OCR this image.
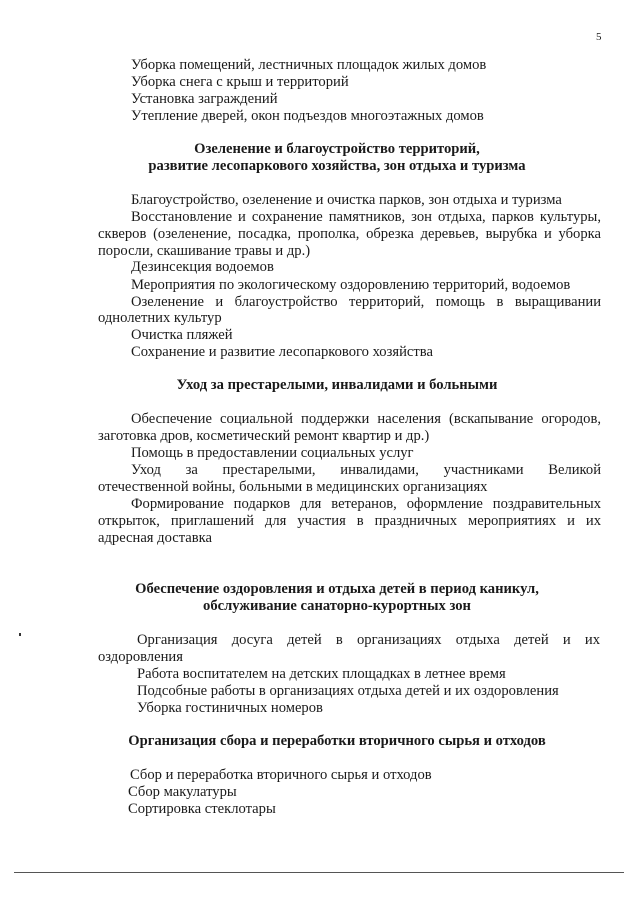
5
Уборка помещений, лестничных площадок жилых домов
Уборка снега с крыш и территорий
Установка заграждений
Утепление дверей, окон подъездов многоэтажных домов
Озеленение и благоустройство территорий,
развитие лесопаркового хозяйства, зон отдыха и туризма
Благоустройство, озеленение и очистка парков, зон отдыха и туризма
Восстановление и сохранение памятников, зон отдыха, парков культуры,
скверов (озеленение, посадка, прополка, обрезка деревьев, вырубка и уборка
поросли, скашивание травы и др.)
Дезинсекция водоемов
Мероприятия по экологическому оздоровлению территорий, водоемов
Озеленение и благоустройство территорий, помощь в выращивании
однолетних культур
Очистка пляжей
Сохранение и развитие лесопаркового хозяйства
Уход за престарелыми, инвалидами и больными
Обеспечение социальной поддержки населения (вскапывание огородов,
заготовка дров, косметический ремонт квартир и др.)
Помощь в предоставлении социальных услуг
Уход за престарелыми, инвалидами, участниками Великой
отечественной войны, больными в медицинских организациях
Формирование подарков для ветеранов, оформление поздравительных
открыток, приглашений для участия в праздничных мероприятиях и их
адресная доставка
Обеспечение оздоровления и отдыха детей в период каникул,
обслуживание санаторно-курортных зон
Организация досуга детей в организациях отдыха детей и их
оздоровления
Работа воспитателем на детских площадках в летнее время
Подсобные работы в организациях отдыха детей и их оздоровления
Уборка гостиничных номеров
Организация сбора и переработки вторичного сырья и отходов
Сбор и переработка вторичного сырья и отходов
Сбор макулатуры
Сортировка стеклотары
